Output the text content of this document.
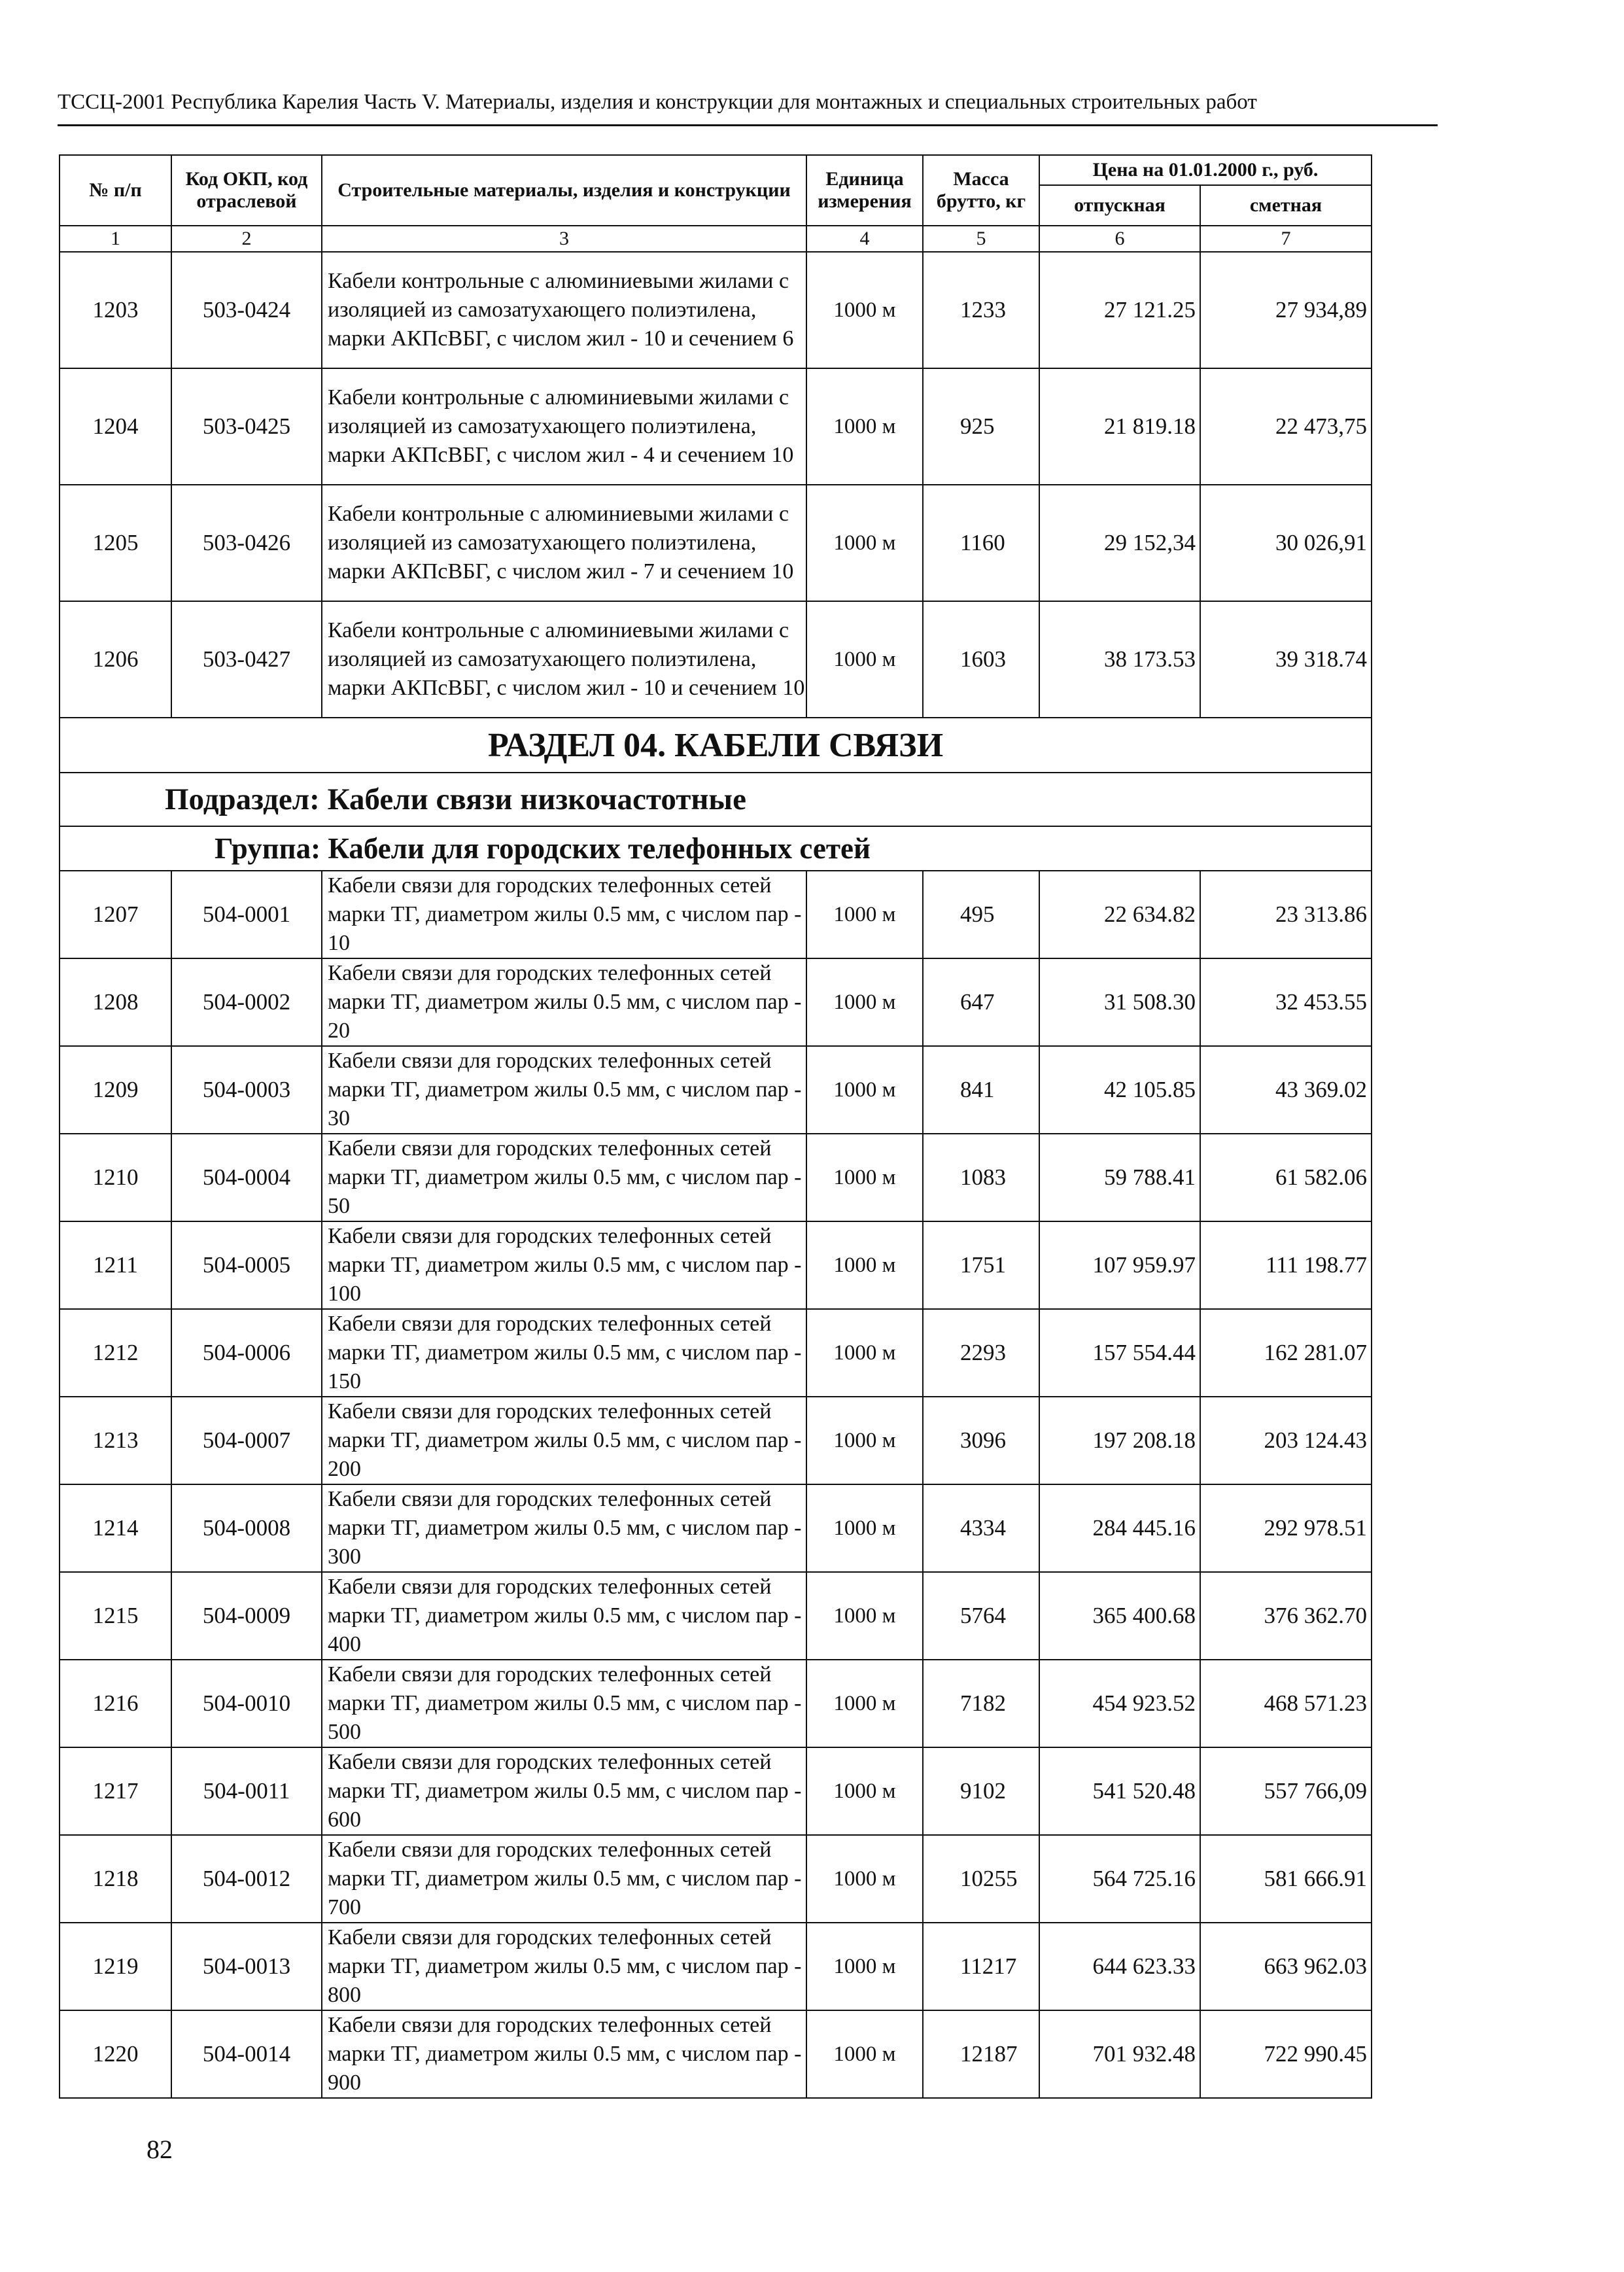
ТССЦ-2001 Республика Карелия Часть V. Материалы, изделия и конструкции для монтажных и специальных строительных работ
№ п/п	Код ОКП, код отраслевой	Строительные материалы, изделия и конструкции	Единица измерения	Масса брутто, кг	Цена на 01.01.2000 г., руб.	
					отпускная	сметная
1	2	3	4	5	6	7
1203	503-0424	Кабели контрольные с алюминиевыми жилами с изоляцией из самозатухающего полиэтилена, марки АКПсВБГ, с числом жил - 10 и сечением 6	1000 м	1233	27 121.25	27 934,89
1204	503-0425	Кабели контрольные с алюминиевыми жилами с изоляцией из самозатухающего полиэтилена, марки АКПсВБГ, с числом жил - 4 и сечением 10	1000 м	925	21 819.18	22 473,75
1205	503-0426	Кабели контрольные с алюминиевыми жилами с изоляцией из самозатухающего полиэтилена, марки АКПсВБГ, с числом жил - 7 и сечением 10	1000 м	1160	29 152,34	30 026,91
1206	503-0427	Кабели контрольные с алюминиевыми жилами с изоляцией из самозатухающего полиэтилена, марки АКПсВБГ, с числом жил - 10 и сечением 10	1000 м	1603	38 173.53	39 318.74
РАЗДЕЛ 04. КАБЕЛИ СВЯЗИ						
Подраздел: Кабели связи низкочастотные						
Группа: Кабели для городских телефонных сетей						
1207	504-0001	Кабели связи для городских телефонных сетей марки ТГ, диаметром жилы 0.5 мм, с числом пар - 10	1000 м	495	22 634.82	23 313.86
1208	504-0002	Кабели связи для городских телефонных сетей марки ТГ, диаметром жилы 0.5 мм, с числом пар - 20	1000 м	647	31 508.30	32 453.55
1209	504-0003	Кабели связи для городских телефонных сетей марки ТГ, диаметром жилы 0.5 мм, с числом пар - 30	1000 м	841	42 105.85	43 369.02
1210	504-0004	Кабели связи для городских телефонных сетей марки ТГ, диаметром жилы 0.5 мм, с числом пар - 50	1000 м	1083	59 788.41	61 582.06
1211	504-0005	Кабели связи для городских телефонных сетей марки ТГ, диаметром жилы 0.5 мм, с числом пар - 100	1000 м	1751	107 959.97	111 198.77
1212	504-0006	Кабели связи для городских телефонных сетей марки ТГ, диаметром жилы 0.5 мм, с числом пар - 150	1000 м	2293	157 554.44	162 281.07
1213	504-0007	Кабели связи для городских телефонных сетей марки ТГ, диаметром жилы 0.5 мм, с числом пар - 200	1000 м	3096	197 208.18	203 124.43
1214	504-0008	Кабели связи для городских телефонных сетей марки ТГ, диаметром жилы 0.5 мм, с числом пар - 300	1000 м	4334	284 445.16	292 978.51
1215	504-0009	Кабели связи для городских телефонных сетей марки ТГ, диаметром жилы 0.5 мм, с числом пар - 400	1000 м	5764	365 400.68	376 362.70
1216	504-0010	Кабели связи для городских телефонных сетей марки ТГ, диаметром жилы 0.5 мм, с числом пар - 500	1000 м	7182	454 923.52	468 571.23
1217	504-0011	Кабели связи для городских телефонных сетей марки ТГ, диаметром жилы 0.5 мм, с числом пар - 600	1000 м	9102	541 520.48	557 766,09
1218	504-0012	Кабели связи для городских телефонных сетей марки ТГ, диаметром жилы 0.5 мм, с числом пар - 700	1000 м	10255	564 725.16	581 666.91
1219	504-0013	Кабели связи для городских телефонных сетей марки ТГ, диаметром жилы 0.5 мм, с числом пар - 800	1000 м	11217	644 623.33	663 962.03
1220	504-0014	Кабели связи для городских телефонных сетей марки ТГ, диаметром жилы 0.5 мм, с числом пар - 900	1000 м	12187	701 932.48	722 990.45
82
